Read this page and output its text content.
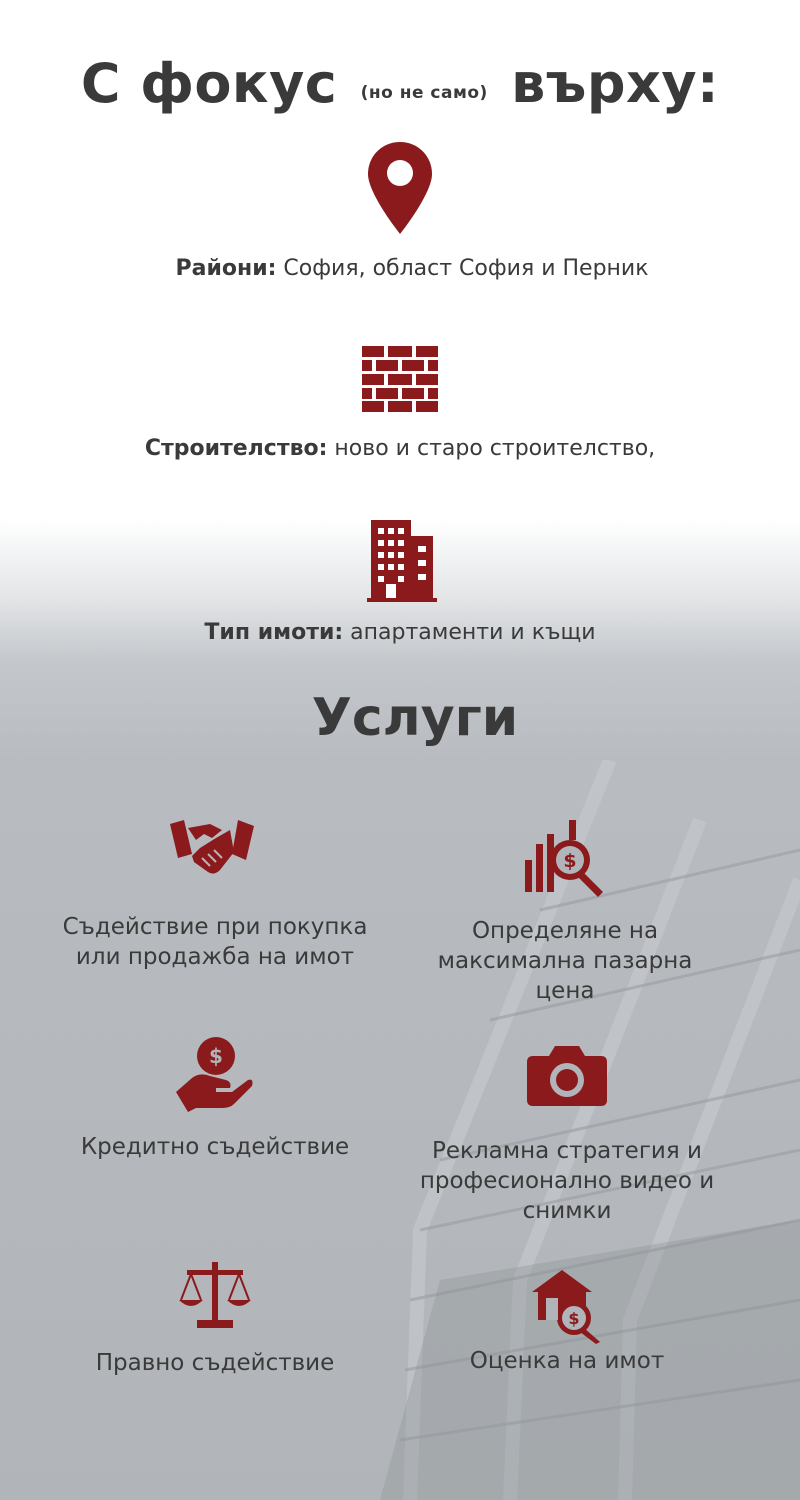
С фокус (но не само) върху:
Райони: София, област София и Перник
Строителство: ново и старо строителство,
Тип имоти: апартаменти и къщи
Услуги
Съдействие при покупка или продажба на имот
$
Определяне на максимална пазарна цена
$
Кредитно съдействие	Рекламна стратегия и професионално видео и снимки
Правно съдействие
$
Оценка на имот
